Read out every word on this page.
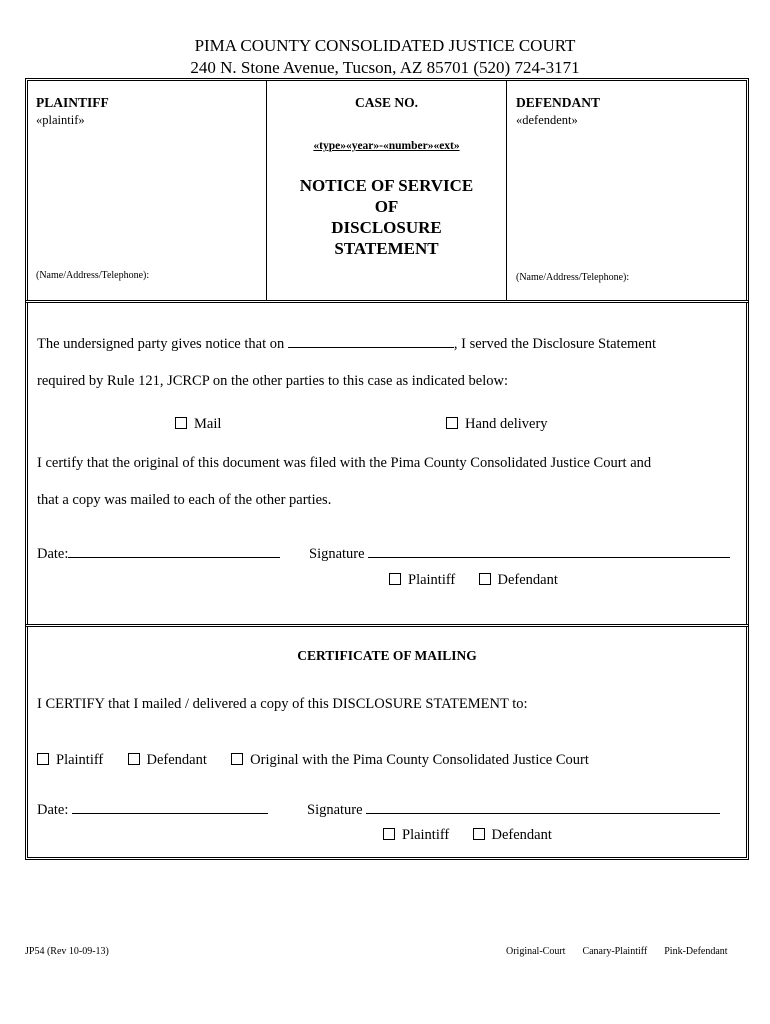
PIMA COUNTY CONSOLIDATED JUSTICE COURT
240 N. Stone Avenue, Tucson, AZ 85701 (520) 724-3171
PLAINTIFF
«plaintif»
(Name/Address/Telephone):
CASE NO.
«type»«year»-«number»«ext»
NOTICE OF SERVICE
OF
DISCLOSURE
STATEMENT
DEFENDANT
«defendent»
(Name/Address/Telephone):
The undersigned party gives notice that on	, I served the Disclosure Statement
required by Rule 121, JCRCP on the other parties to this case as indicated below:
Mail	Hand delivery
I certify that the original of this document was filed with the Pima County Consolidated Justice Court and
that a copy was mailed to each of the other parties.
Date:	Signature
Plaintiff	Defendant
CERTIFICATE OF MAILING
I CERTIFY that I mailed / delivered a copy of this DISCLOSURE STATEMENT to:
Plaintiff	Defendant	Original with the Pima County Consolidated Justice Court
Date:	Signature
Plaintiff	Defendant
JP54 (Rev 10-09-13)	Original-Court Canary-Plaintiff Pink-Defendant
